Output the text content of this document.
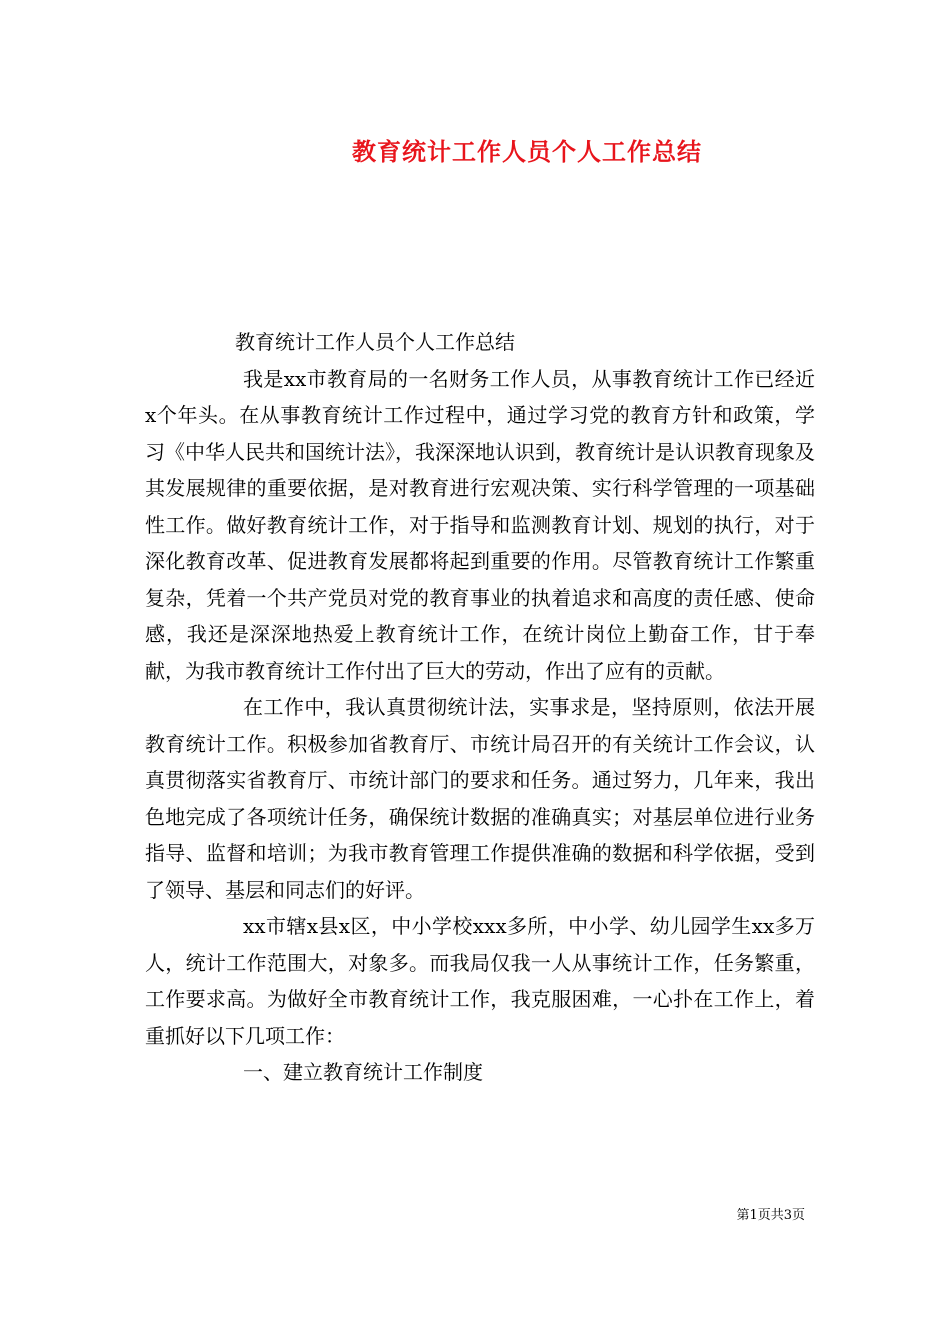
教育统计工作人员个人工作总结

教育统计工作人员个人工作总结

我是xx市教育局的一名财务工作人员，从事教育统计工作已经近x个年头。在从事教育统计工作过程中，通过学习党的教育方针和政策，学习《中华人民共和国统计法》，我深深地认识到，教育统计是认识教育现象及其发展规律的重要依据，是对教育进行宏观决策、实行科学管理的一项基础性工作。做好教育统计工作，对于指导和监测教育计划、规划的执行，对于深化教育改革、促进教育发展都将起到重要的作用。尽管教育统计工作繁重复杂，凭着一个共产党员对党的教育事业的执着追求和高度的责任感、使命感，我还是深深地热爱上教育统计工作，在统计岗位上勤奋工作，甘于奉献，为我市教育统计工作付出了巨大的劳动，作出了应有的贡献。

在工作中，我认真贯彻统计法，实事求是，坚持原则，依法开展教育统计工作。积极参加省教育厅、市统计局召开的有关统计工作会议，认真贯彻落实省教育厅、市统计部门的要求和任务。通过努力，几年来，我出色地完成了各项统计任务，确保统计数据的准确真实；对基层单位进行业务指导、监督和培训；为我市教育管理工作提供准确的数据和科学依据，受到了领导、基层和同志们的好评。

xx市辖x县x区，中小学校xxx多所，中小学、幼儿园学生xx多万人，统计工作范围大，对象多。而我局仅我一人从事统计工作，任务繁重，工作要求高。为做好全市教育统计工作，我克服困难，一心扑在工作上，着重抓好以下几项工作：

一、建立教育统计工作制度

第1页共3页
